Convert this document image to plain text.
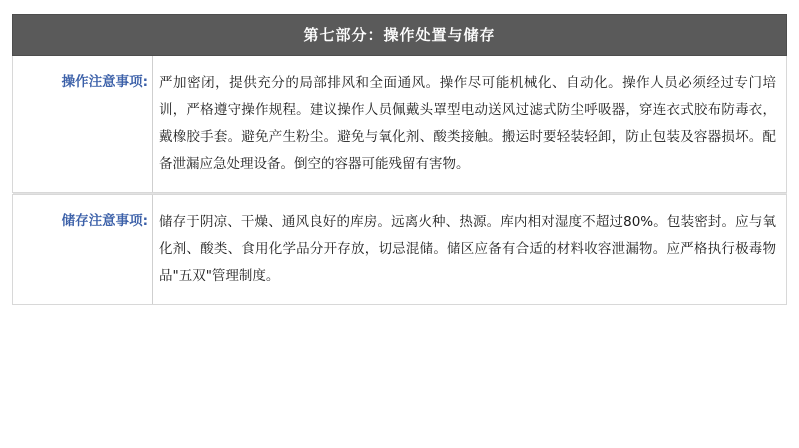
第七部分：操作处置与储存	
操作注意事项:	严加密闭，提供充分的局部排风和全面通风。操作尽可能机械化、自动化。操作人员必须经过专门培训，严格遵守操作规程。建议操作人员佩戴头罩型电动送风过滤式防尘呼吸器，穿连衣式胶布防毒衣，戴橡胶手套。避免产生粉尘。避免与氧化剂、酸类接触。搬运时要轻装轻卸，防止包装及容器损坏。配备泄漏应急处理设备。倒空的容器可能残留有害物。

储存注意事项:	储存于阴凉、干燥、通风良好的库房。远离火种、热源。库内相对湿度不超过80%。包装密封。应与氧化剂、酸类、食用化学品分开存放，切忌混储。储区应备有合适的材料收容泄漏物。应严格执行极毒物品"五双"管理制度。
